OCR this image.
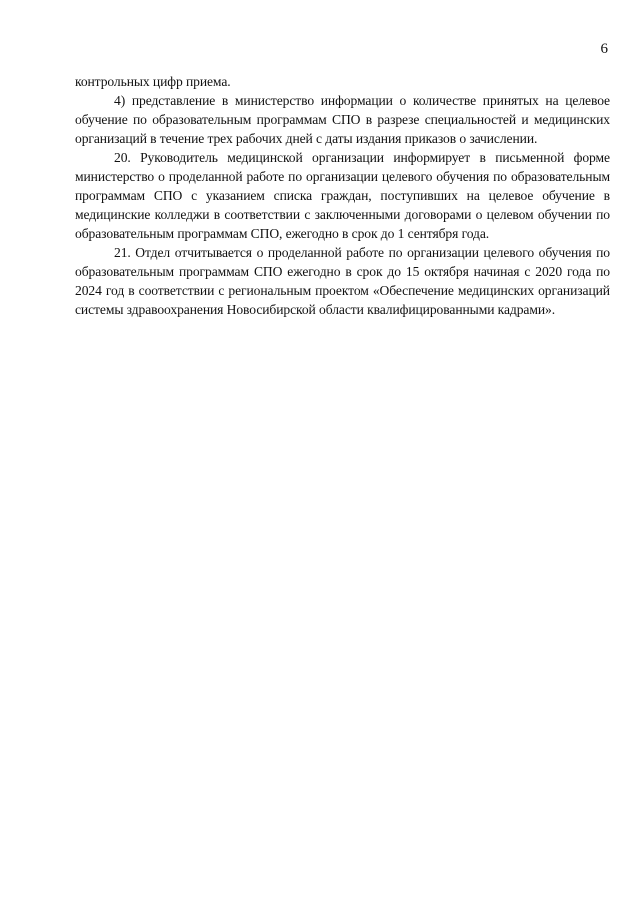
6

контрольных цифр приема.

4) представление в министерство информации о количестве принятых на целевое обучение по образовательным программам СПО в разрезе специальностей и медицинских организаций в течение трех рабочих дней с даты издания приказов о зачислении.

20. Руководитель медицинской организации информирует в письменной форме министерство о проделанной работе по организации целевого обучения по образовательным программам СПО с указанием списка граждан, поступивших на целевое обучение в медицинские колледжи в соответствии с заключенными договорами о целевом обучении по образовательным программам СПО, ежегодно в срок до 1 сентября года.

21. Отдел отчитывается о проделанной работе по организации целевого обучения по образовательным программам СПО ежегодно в срок до 15 октября начиная с 2020 года по 2024 год в соответствии с региональным проектом «Обеспечение медицинских организаций системы здравоохранения Новосибирской области квалифицированными кадрами».
